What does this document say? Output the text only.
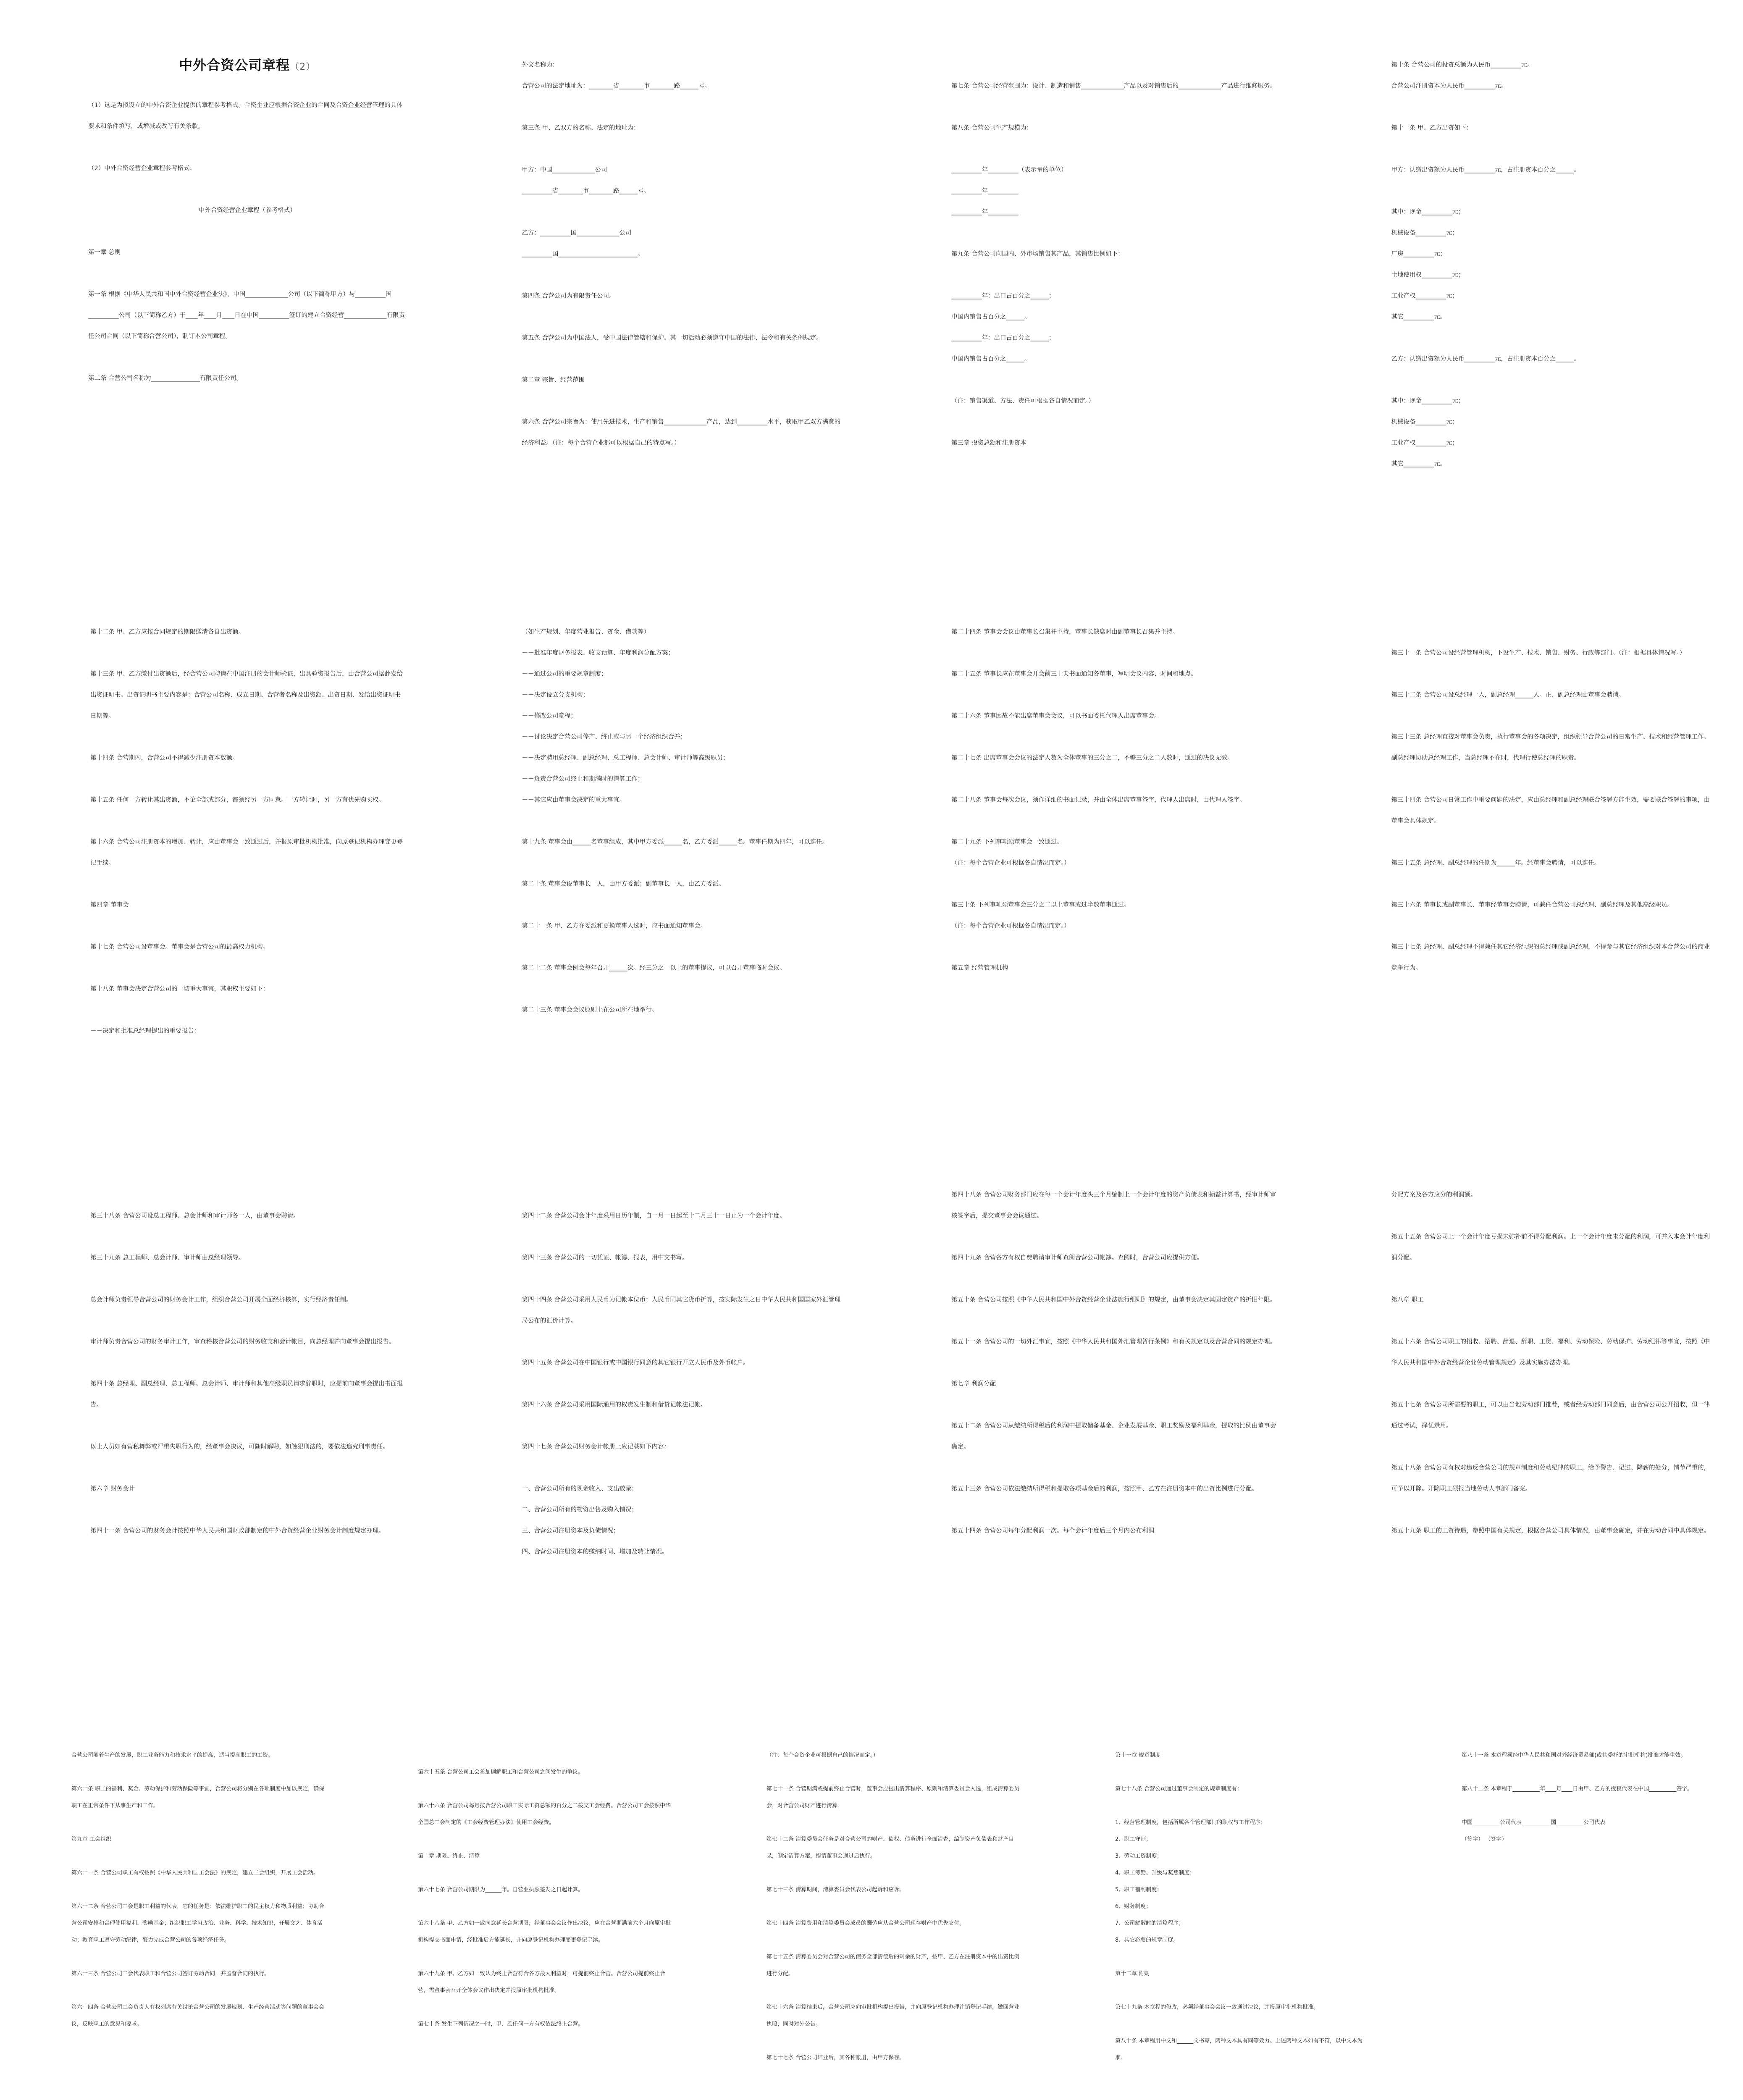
中外合资公司章程（2）

（1）这是为拟设立的中外合资企业提供的章程参考格式。合资企业应根据合资企业的合同及合资企业经营管理的具体要求和条件填写，或增减或改写有关条款。

（2）中外合资经营企业章程参考格式：

中外合资经营企业章程（参考格式）

第一章 总则

第一条 根据《中华人民共和国中外合资经营企业法》，中国______________公司（以下简称甲方）与__________国__________公司（以下简称乙方）于____年____月____日在中国__________签订的建立合资经营______________有限责任公司合同（以下简称合营公司），制订本公司章程。

第二条 合营公司名称为________________有限责任公司。

外文名称为：

合营公司的法定地址为：________省________市________路______号。

第三条 甲、乙双方的名称、法定的地址为：

甲方：中国______________公司

__________省________市________路______号。

乙方：__________国______________公司

__________国__________________________。

第四条 合营公司为有限责任公司。

第五条 合营公司为中国法人，受中国法律管辖和保护。其一切活动必须遵守中国的法律、法令和有关条例规定。

第二章 宗旨、经营范围

第六条 合营公司宗旨为：使用先进技术，生产和销售______________产品，达到__________水平，获取甲乙双方满意的经济利益。（注：每个合营企业都可以根据自己的特点写。）

第七条 合营公司经营范围为：设计、制造和销售______________产品以及对销售后的______________产品进行维修服务。

第八条 合营公司生产规模为：

__________年__________（表示量的单位）

__________年__________

__________年__________

第九条 合营公司向国内、外市场销售其产品，其销售比例如下：

__________年：出口占百分之______；

中国内销售占百分之______。

__________年：出口占百分之______；

中国内销售占百分之______。

（注：销售渠道、方法、责任可根据各自情况而定。）

第三章 投资总额和注册资本

第十条 合营公司的投资总额为人民币__________元。

合营公司注册资本为人民币__________元。

第十一条 甲、乙方出资如下：

甲方：认缴出资额为人民币__________元，占注册资本百分之______。

其中：现金__________元；

机械设备__________元；

厂房__________元；

土地使用权__________元；

工业产权__________元；

其它__________元。

乙方：认缴出资额为人民币__________元，占注册资本百分之______。

其中：现金__________元；

机械设备__________元；

工业产权__________元；

其它__________元。

第十二条 甲、乙方应按合同规定的期限缴清各自出资额。

第十三条 甲、乙方缴付出资额后，经合营公司聘请在中国注册的会计师验证，出具验资报告后，由合营公司据此发给出资证明书。出资证明书主要内容是：合营公司名称、成立日期、合营者名称及出资额、出资日期、发给出资证明书日期等。

第十四条 合营期内，合营公司不得减少注册资本数额。

第十五条 任何一方转让其出资额，不论全部或部分，都须经另一方同意。一方转让时，另一方有优先购买权。

第十六条 合营公司注册资本的增加、转让，应由董事会一致通过后，并报原审批机构批准，向原登记机构办理变更登记手续。

第四章 董事会

第十七条 合营公司设董事会。董事会是合营公司的最高权力机构。

第十八条 董事会决定合营公司的一切重大事宜，其职权主要如下：

－－决定和批准总经理提出的重要报告：

（如生产规划、年度营业报告、资金、借款等）

－－批准年度财务报表、收支预算、年度利润分配方案；

－－通过公司的重要规章制度；

－－决定设立分支机构；

－－修改公司章程；

－－讨论决定合营公司停产、终止或与另一个经济组织合并；

－－决定聘用总经理、副总经理、总工程师、总会计师、审计师等高级职员；

－－负责合营公司终止和期满时的清算工作；

－－其它应由董事会决定的重大事宜。

第十九条 董事会由______名董事组成，其中甲方委派______名，乙方委派______名。董事任期为四年，可以连任。

第二十条 董事会设董事长一人，由甲方委派；副董事长一人，由乙方委派。

第二十一条 甲、乙方在委派和更换董事人选时，应书面通知董事会。

第二十二条 董事会例会每年召开______次。经三分之一以上的董事提议，可以召开董事临时会议。

第二十三条 董事会会议原则上在公司所在地举行。

第二十四条 董事会会议由董事长召集并主持，董事长缺席时由副董事长召集并主持。

第二十五条 董事长应在董事会开会前三十天书面通知各董事，写明会议内容、时间和地点。

第二十六条 董事因故不能出席董事会会议，可以书面委托代理人出席董事会。

第二十七条 出席董事会会议的法定人数为全体董事的三分之二，不够三分之二人数时，通过的决议无效。

第二十八条 董事会每次会议，须作详细的书面记录，并由全体出席董事签字，代理人出席时，由代理人签字。

第二十九条 下列事项须董事会一致通过。

（注：每个合营企业可根据各自情况而定。）

第三十条 下列事项须董事会三分之二以上董事或过半数董事通过。

（注：每个合营企业可根据各自情况而定。）

第五章 经营管理机构

第三十一条 合营公司设经营管理机构，下设生产、技术、销售、财务、行政等部门。（注：根据具体情况写。）

第三十二条 合营公司设总经理一人，副总经理______人。正、副总经理由董事会聘请。

第三十三条 总经理直接对董事会负责，执行董事会的各项决定，组织领导合营公司的日常生产、技术和经营管理工作。副总经理协助总经理工作，当总经理不在时，代理行使总经理的职责。

第三十四条 合营公司日常工作中重要问题的决定，应由总经理和副总经理联合签署方能生效，需要联合签署的事项，由董事会具体规定。

第三十五条 总经理、副总经理的任期为______年。经董事会聘请，可以连任。

第三十六条 董事长或副董事长、董事经董事会聘请，可兼任合营公司总经理、副总经理及其他高级职员。

第三十七条 总经理、副总经理不得兼任其它经济组织的总经理或副总经理，不得参与其它经济组织对本合营公司的商业竞争行为。

第三十八条 合营公司设总工程师、总会计师和审计师各一人，由董事会聘请。

第三十九条 总工程师、总会计师、审计师由总经理领导。

总会计师负责领导合营公司的财务会计工作，组织合营公司开展全面经济核算，实行经济责任制。

审计师负责合营公司的财务审计工作，审查稽核合营公司的财务收支和会计帐目，向总经理并向董事会提出报告。

第四十条 总经理、副总经理、总工程师、总会计师、审计师和其他高级职员请求辞职时，应提前向董事会提出书面报告。

以上人员如有营私舞弊或严重失职行为的，经董事会决议，可随时解聘，如触犯刑法的，要依法追究刑事责任。

第六章 财务会计

第四十一条 合营公司的财务会计按照中华人民共和国财政部制定的中外合资经营企业财务会计制度规定办理。

第四十二条 合营公司会计年度采用日历年制，自一月一日起至十二月三十一日止为一个会计年度。

第四十三条 合营公司的一切凭证、帐簿、报表，用中文书写。

第四十四条 合营公司采用人民币为记帐本位币；人民币同其它货币折算，按实际发生之日中华人民共和国国家外汇管理局公布的汇价计算。

第四十五条 合营公司在中国银行或中国银行同意的其它银行开立人民币及外币帐户。

第四十六条 合营公司采用国际通用的权责发生制和借贷记帐法记帐。

第四十七条 合营公司财务会计帐册上应记载如下内容：

一、合营公司所有的现金收入、支出数量；

二、合营公司所有的物资出售及购入情况；

三、合营公司注册资本及负债情况；

四、合营公司注册资本的缴纳时间、增加及转让情况。

第四十八条 合营公司财务部门应在每一个会计年度头三个月编制上一个会计年度的资产负债表和损益计算书，经审计师审核签字后，提交董事会会议通过。

第四十九条 合营各方有权自费聘请审计师查阅合营公司帐簿。查阅时，合营公司应提供方便。

第五十条 合营公司按照《中华人民共和国中外合资经营企业法施行细则》的规定，由董事会决定其固定资产的折旧年限。

第五十一条 合营公司的一切外汇事宜，按照《中华人民共和国外汇管理暂行条例》和有关规定以及合营合同的规定办理。

第七章 利润分配

第五十二条 合营公司从缴纳所得税后的利润中提取储备基金、企业发展基金、职工奖励及福利基金，提取的比例由董事会确定。

第五十三条 合营公司依法缴纳所得税和提取各项基金后的利润，按照甲、乙方在注册资本中的出资比例进行分配。

第五十四条 合营公司每年分配利润一次。每个会计年度后三个月内公布利润

分配方案及各方应分的利润额。

第五十五条 合营公司上一个会计年度亏损未弥补前不得分配利润。上一个会计年度未分配的利润，可并入本会计年度利润分配。

第八章 职工

第五十六条 合营公司职工的招收、招聘、辞退、辞职、工资、福利、劳动保险、劳动保护、劳动纪律等事宜，按照《中华人民共和国中外合资经营企业劳动管理规定》及其实施办法办理。

第五十七条 合营公司所需要的职工，可以由当地劳动部门推荐，或者经劳动部门同意后，由合营公司公开招收，但一律通过考试，择优录用。

第五十八条 合营公司有权对违反合营公司的规章制度和劳动纪律的职工，给予警告、记过、降薪的处分，情节严重的，可予以开除。开除职工须报当地劳动人事部门备案。

第五十九条 职工的工资待遇，参照中国有关规定，根据合营公司具体情况，由董事会确定，并在劳动合同中具体规定。

合营公司随着生产的发展，职工业务能力和技术水平的提高，适当提高职工的工资。

第六十条 职工的福利、奖金、劳动保护和劳动保险等事宜，合营公司将分别在各项制度中加以规定，确保职工在正常条件下从事生产和工作。

第九章 工会组织

第六十一条 合营公司职工有权按照《中华人民共和国工会法》的规定，建立工会组织，开展工会活动。

第六十二条 合营公司工会是职工利益的代表，它的任务是：依法维护职工的民主权力和物质利益；协助合营公司安排和合理使用福利、奖励基金；组织职工学习政治、业务、科学、技术知识，开展文艺、体育活动；教育职工遵守劳动纪律，努力完成合营公司的各项经济任务。

第六十三条 合营公司工会代表职工和合营公司签订劳动合同，并监督合同的执行。

第六十四条 合营公司工会负责人有权列席有关讨论合营公司的发展规划、生产经营活动等问题的董事会会议，反映职工的意见和要求。

第六十五条 合营公司工会参加调解职工和合营公司之间发生的争议。

第六十六条 合营公司每月按合营公司职工实际工资总额的百分之二拨交工会经费。合营公司工会按照中华全国总工会制定的《工会经费管理办法》使用工会经费。

第十章 期限、终止、清算

第六十七条 合营公司期限为______年。自营业执照签发之日起计算。

第六十八条 甲、乙方如一致同意延长合营期限，经董事会会议作出决议，应在合营期满前六个月向原审批机构提交书面申请，经批准后方能延长，并向原登记机构办理变更登记手续。

第六十九条 甲、乙方如一致认为终止合营符合各方最大利益时，可提前终止合营。合营公司提前终止合营，需董事会召开全体会议作出决定并报原审批机构批准。

第七十条 发生下列情况之一时，甲、乙任何一方有权依法终止合营。

（注：每个合资企业可根据自己的情况而定。）

第七十一条 合营期满或提前终止合营时，董事会应提出清算程序、原则和清算委员会人选，组成清算委员会，对合营公司财产进行清算。

第七十二条 清算委员会任务是对合营公司的财产、债权、债务进行全面清查，编制资产负债表和财产目录，制定清算方案，提请董事会通过后执行。

第七十三条 清算期间，清算委员会代表公司起诉和应诉。

第七十四条 清算费用和清算委员会成员的酬劳应从合营公司现存财产中优先支付。

第七十五条 清算委员会对合营公司的债务全部清偿后的剩余的财产，按甲、乙方在注册资本中的出资比例进行分配。

第七十六条 清算结束后，合营公司应向审批机构提出报告，并向原登记机构办理注销登记手续，缴回营业执照，同时对外公告。

第七十七条 合营公司结业后，其各种帐册，由甲方保存。

第十一章 规章制度

第七十八条 合营公司通过董事会制定的规章制度有：

1、经营管理制度，包括所属各个管理部门的职权与工作程序；

2、职工守则；

3、劳动工资制度；

4、职工考勤、升级与奖惩制度；

5、职工福利制度；

6、财务制度；

7、公司解散时的清算程序；

8、其它必要的规章制度。

第十二章 附则

第七十九条 本章程的修改，必须经董事会会议一致通过决议，并报原审批机构批准。

第八十条 本章程用中文和______文书写，两种文本具有同等效力。上述两种文本如有不符，以中文本为准。

第八十一条 本章程须经中华人民共和国对外经济贸易部(或其委托的审批机构)批准才能生效。

第八十二条 本章程于__________年____月____日由甲、乙方的授权代表在中国__________签字。

中国__________公司代表 __________国__________公司代表

（签字） （签字）
